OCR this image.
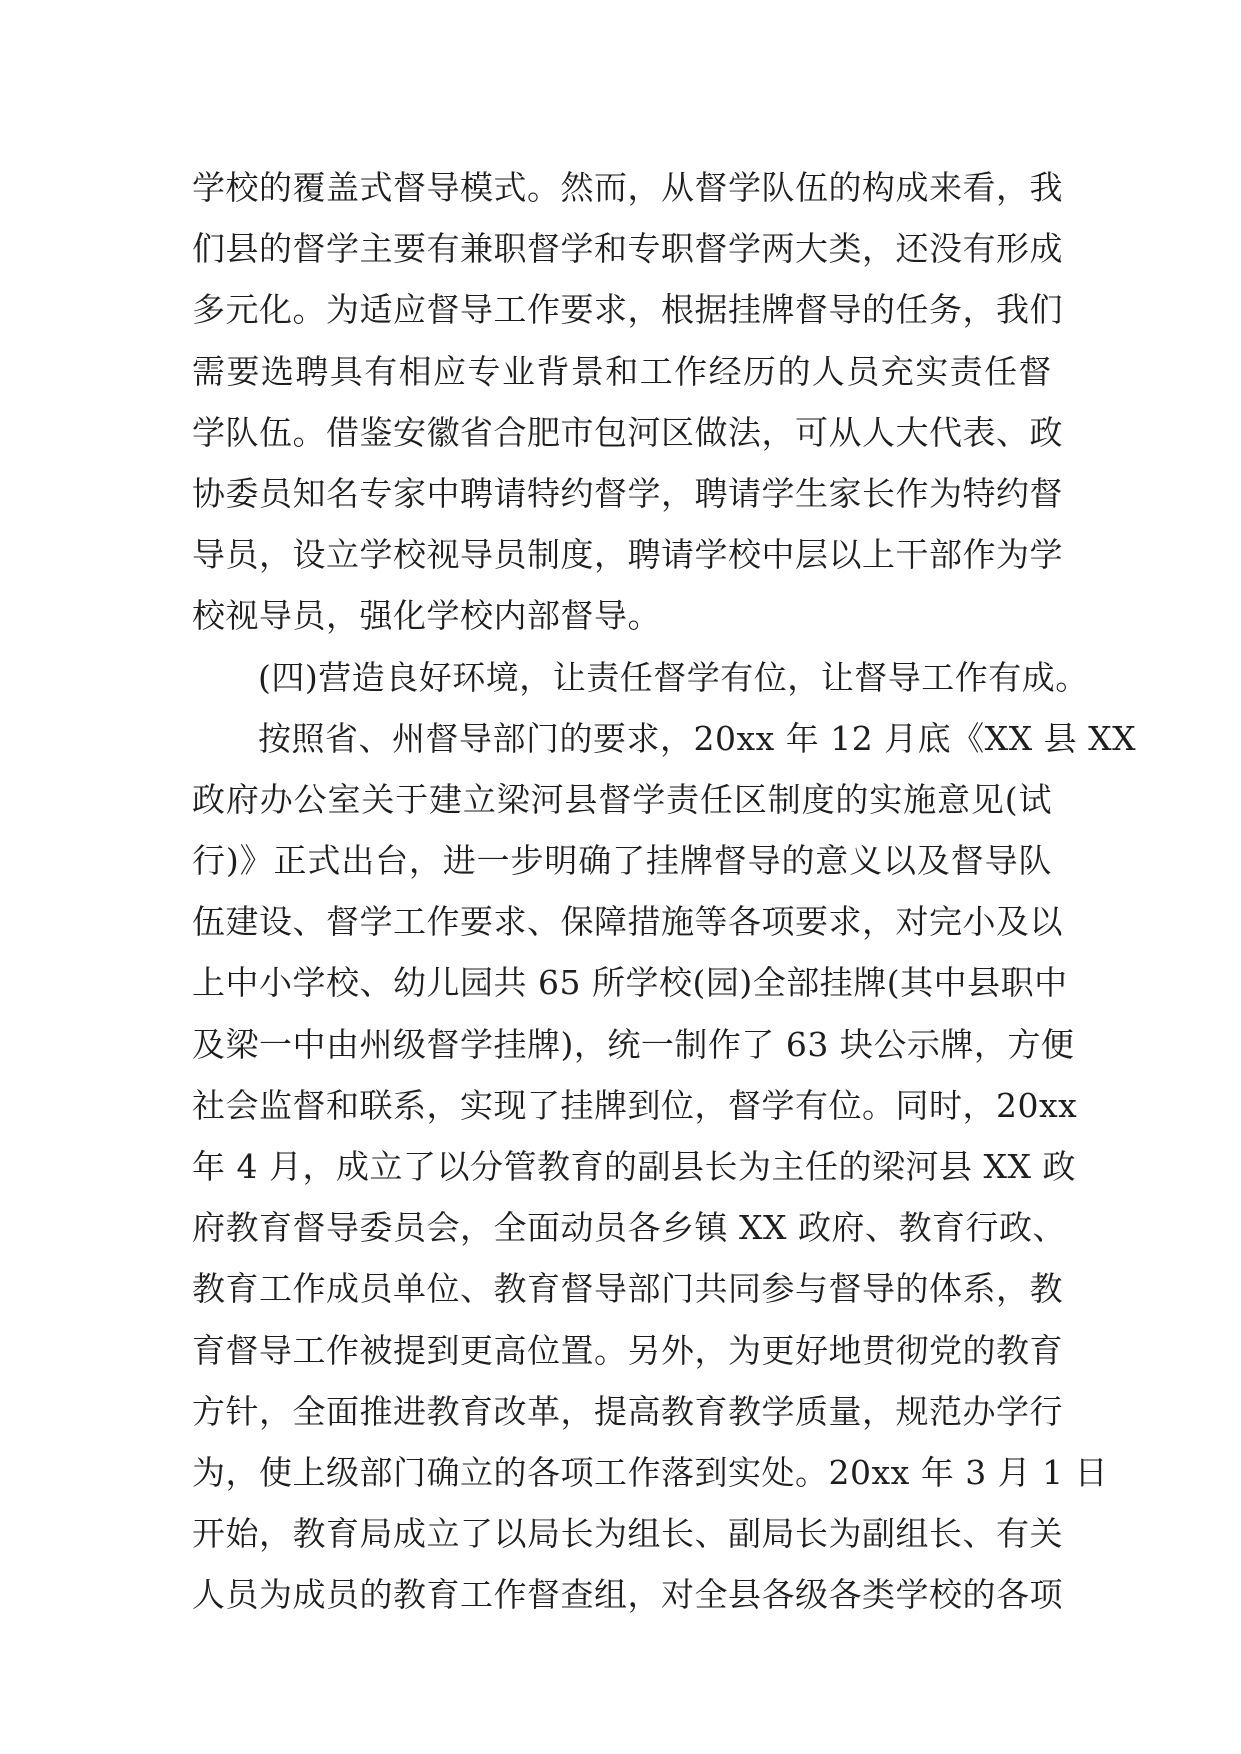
学校的覆盖式督导模式。然而，从督学队伍的构成来看，我
们县的督学主要有兼职督学和专职督学两大类，还没有形成
多元化。为适应督导工作要求，根据挂牌督导的任务，我们
需要选聘具有相应专业背景和工作经历的人员充实责任督
学队伍。借鉴安徽省合肥市包河区做法，可从人大代表、政
协委员知名专家中聘请特约督学，聘请学生家长作为特约督
导员，设立学校视导员制度，聘请学校中层以上干部作为学
校视导员，强化学校内部督导。
(四)营造良好环境，让责任督学有位，让督导工作有成。
按照省、州督导部门的要求，20xx 年 12 月底《XX 县 XX
政府办公室关于建立梁河县督学责任区制度的实施意见(试
行)》正式出台，进一步明确了挂牌督导的意义以及督导队
伍建设、督学工作要求、保障措施等各项要求，对完小及以
上中小学校、幼儿园共 65 所学校(园)全部挂牌(其中县职中
及梁一中由州级督学挂牌)，统一制作了 63 块公示牌，方便
社会监督和联系，实现了挂牌到位，督学有位。同时，20xx
年 4 月，成立了以分管教育的副县长为主任的梁河县 XX 政
府教育督导委员会，全面动员各乡镇 XX 政府、教育行政、
教育工作成员单位、教育督导部门共同参与督导的体系，教
育督导工作被提到更高位置。另外，为更好地贯彻党的教育
方针，全面推进教育改革，提高教育教学质量，规范办学行
为，使上级部门确立的各项工作落到实处。20xx 年 3 月 1 日
开始，教育局成立了以局长为组长、副局长为副组长、有关
人员为成员的教育工作督查组，对全县各级各类学校的各项
